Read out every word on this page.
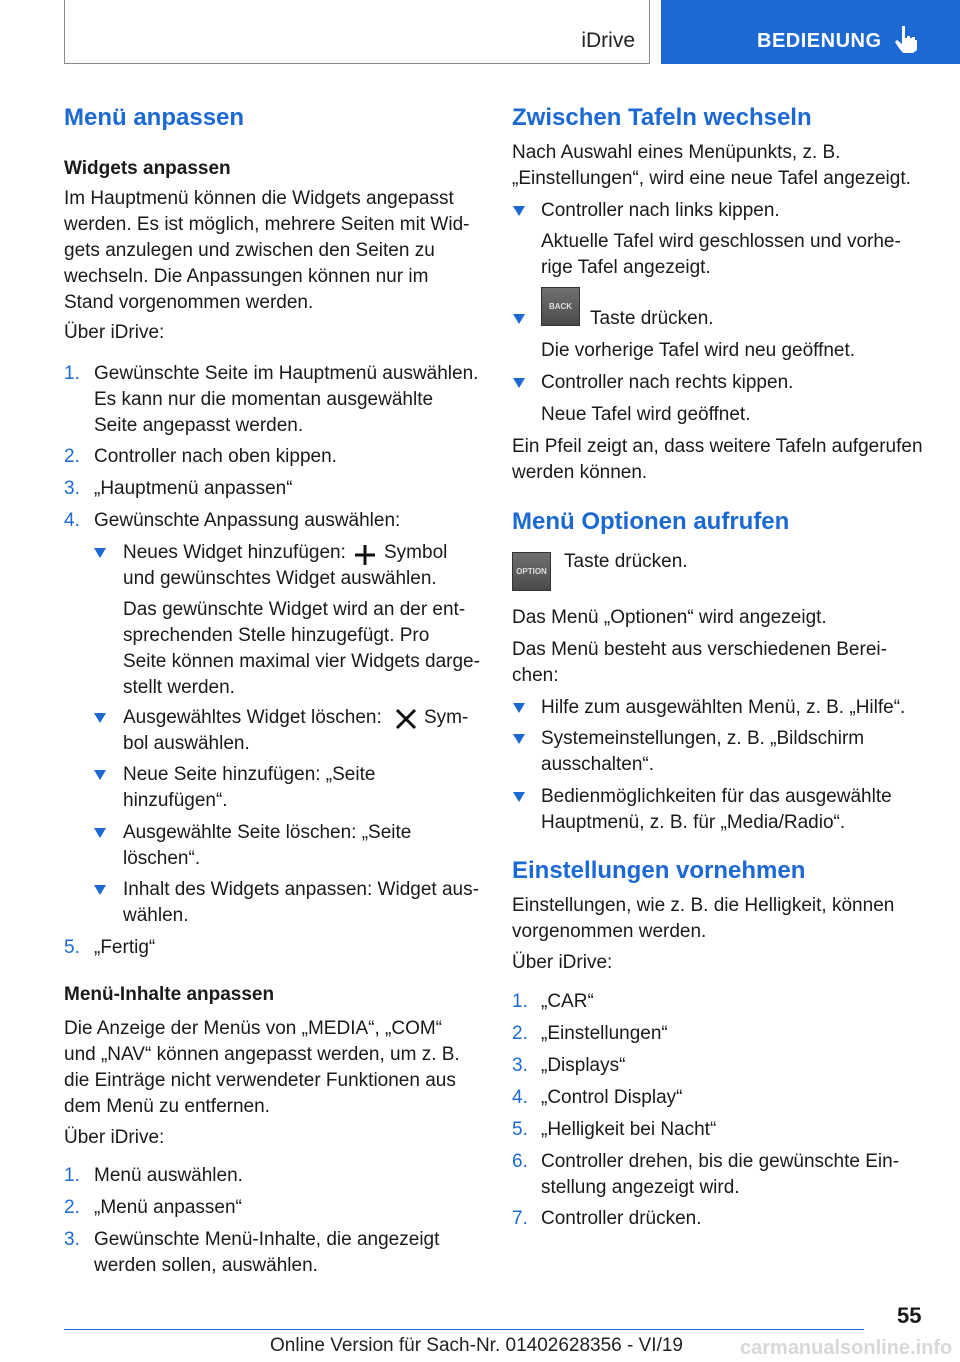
iDrive	BEDIENUNG
Menü anpassen
Widgets anpassen
Im Hauptmenü können die Widgets angepasst
werden. Es ist möglich, mehrere Seiten mit Wid-
gets anzulegen und zwischen den Seiten zu
wechseln. Die Anpassungen können nur im
Stand vorgenommen werden.
Über iDrive:
1. Gewünschte Seite im Hauptmenü auswählen.
Es kann nur die momentan ausgewählte
Seite angepasst werden.
2. Controller nach oben kippen.
3. „Hauptmenü anpassen“
4. Gewünschte Anpassung auswählen:
Neues Widget hinzufügen: Symbol
und gewünschtes Widget auswählen.
Das gewünschte Widget wird an der ent-
sprechenden Stelle hinzugefügt. Pro
Seite können maximal vier Widgets darge-
stellt werden.
Ausgewähltes Widget löschen: Sym-
bol auswählen.
Neue Seite hinzufügen: „Seite
hinzufügen“.
Ausgewählte Seite löschen: „Seite
löschen“.
Inhalt des Widgets anpassen: Widget aus-
wählen.
5. „Fertig“
Menü-Inhalte anpassen
Die Anzeige der Menüs von „MEDIA“, „COM“
und „NAV“ können angepasst werden, um z. B.
die Einträge nicht verwendeter Funktionen aus
dem Menü zu entfernen.
Über iDrive:
1. Menü auswählen.
2. „Menü anpassen“
3. Gewünschte Menü-Inhalte, die angezeigt
werden sollen, auswählen.
Zwischen Tafeln wechseln
Nach Auswahl eines Menüpunkts, z. B.
„Einstellungen“, wird eine neue Tafel angezeigt.
Controller nach links kippen.
Aktuelle Tafel wird geschlossen und vorhe-
rige Tafel angezeigt.
BACK
Taste drücken.
Die vorherige Tafel wird neu geöffnet.
Controller nach rechts kippen.
Neue Tafel wird geöffnet.
Ein Pfeil zeigt an, dass weitere Tafeln aufgerufen
werden können.
Menü Optionen aufrufen
OPTION Taste drücken.
Das Menü „Optionen“ wird angezeigt.
Das Menü besteht aus verschiedenen Berei-
chen:
Hilfe zum ausgewählten Menü, z. B. „Hilfe“.
Systemeinstellungen, z. B. „Bildschirm
ausschalten“.
Bedienmöglichkeiten für das ausgewählte
Hauptmenü, z. B. für „Media/Radio“.
Einstellungen vornehmen
Einstellungen, wie z. B. die Helligkeit, können
vorgenommen werden.
Über iDrive:
1. „CAR“
2. „Einstellungen“
3. „Displays“
4. „Control Display“
5. „Helligkeit bei Nacht“
6. Controller drehen, bis die gewünschte Ein-
stellung angezeigt wird.
7. Controller drücken.
55
Online Version für Sach-Nr. 01402628356 - VI/19	carmanualsonline.info
